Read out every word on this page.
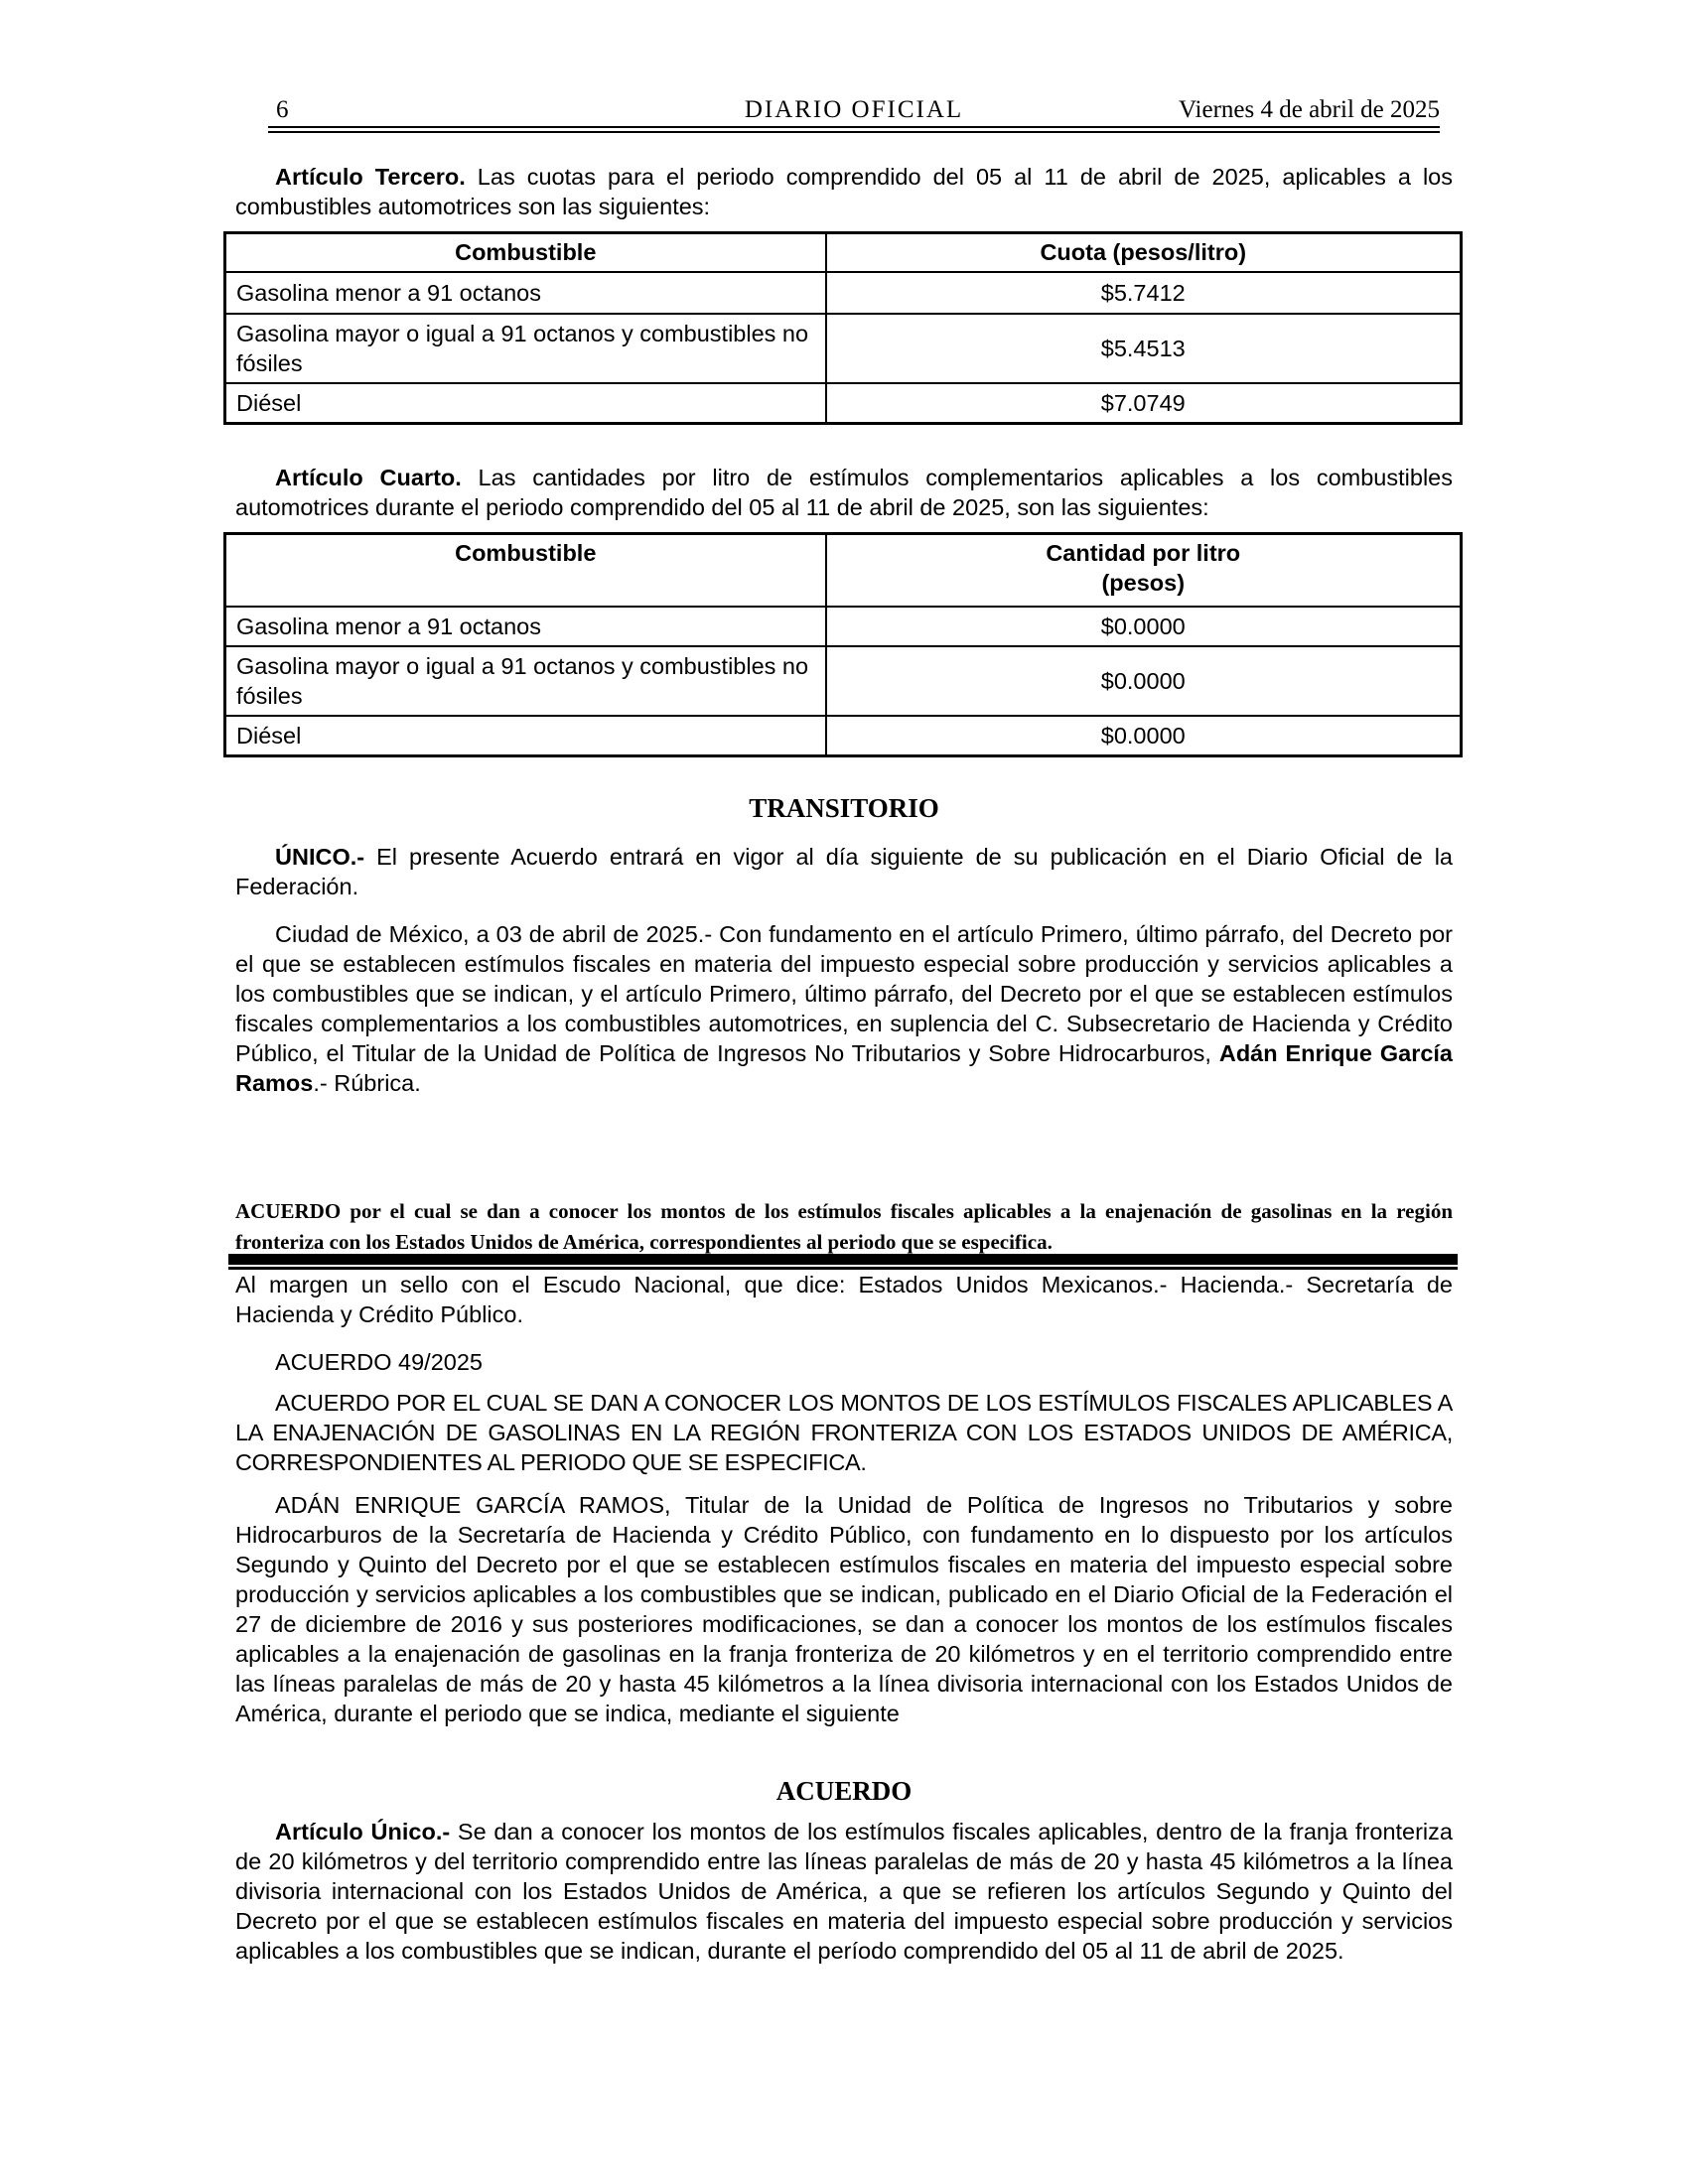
6	DIARIO OFICIAL	Viernes 4 de abril de 2025

Artículo Tercero. Las cuotas para el periodo comprendido del 05 al 11 de abril de 2025, aplicables a los combustibles automotrices son las siguientes:

Combustible	Cuota (pesos/litro)
Gasolina menor a 91 octanos	$5.7412
Gasolina mayor o igual a 91 octanos y combustibles no fósiles	$5.4513
Diésel	$7.0749

Artículo Cuarto. Las cantidades por litro de estímulos complementarios aplicables a los combustibles automotrices durante el periodo comprendido del 05 al 11 de abril de 2025, son las siguientes:

Combustible	Cantidad por litro
(pesos)

Gasolina menor a 91 octanos	$0.0000
Gasolina mayor o igual a 91 octanos y combustibles no fósiles	$0.0000
Diésel	$0.0000
TRANSITORIO

ÚNICO.- El presente Acuerdo entrará en vigor al día siguiente de su publicación en el Diario Oficial de la Federación.

Ciudad de México, a 03 de abril de 2025.- Con fundamento en el artículo Primero, último párrafo, del Decreto por el que se establecen estímulos fiscales en materia del impuesto especial sobre producción y servicios aplicables a los combustibles que se indican, y el artículo Primero, último párrafo, del Decreto por el que se establecen estímulos fiscales complementarios a los combustibles automotrices, en suplencia del C. Subsecretario de Hacienda y Crédito Público, el Titular de la Unidad de Política de Ingresos No Tributarios y Sobre Hidrocarburos, Adán Enrique García Ramos.- Rúbrica.

ACUERDO por el cual se dan a conocer los montos de los estímulos fiscales aplicables a la enajenación de gasolinas en la región fronteriza con los Estados Unidos de América, correspondientes al periodo que se especifica.

Al margen un sello con el Escudo Nacional, que dice: Estados Unidos Mexicanos.- Hacienda.- Secretaría de Hacienda y Crédito Público.

ACUERDO 49/2025

ACUERDO POR EL CUAL SE DAN A CONOCER LOS MONTOS DE LOS ESTÍMULOS FISCALES APLICABLES A LA ENAJENACIÓN DE GASOLINAS EN LA REGIÓN FRONTERIZA CON LOS ESTADOS UNIDOS DE AMÉRICA, CORRESPONDIENTES AL PERIODO QUE SE ESPECIFICA.

ADÁN ENRIQUE GARCÍA RAMOS, Titular de la Unidad de Política de Ingresos no Tributarios y sobre Hidrocarburos de la Secretaría de Hacienda y Crédito Público, con fundamento en lo dispuesto por los artículos Segundo y Quinto del Decreto por el que se establecen estímulos fiscales en materia del impuesto especial sobre producción y servicios aplicables a los combustibles que se indican, publicado en el Diario Oficial de la Federación el 27 de diciembre de 2016 y sus posteriores modificaciones, se dan a conocer los montos de los estímulos fiscales aplicables a la enajenación de gasolinas en la franja fronteriza de 20 kilómetros y en el territorio comprendido entre las líneas paralelas de más de 20 y hasta 45 kilómetros a la línea divisoria internacional con los Estados Unidos de América, durante el periodo que se indica, mediante el siguiente

ACUERDO

Artículo Único.- Se dan a conocer los montos de los estímulos fiscales aplicables, dentro de la franja fronteriza de 20 kilómetros y del territorio comprendido entre las líneas paralelas de más de 20 y hasta 45 kilómetros a la línea divisoria internacional con los Estados Unidos de América, a que se refieren los artículos Segundo y Quinto del Decreto por el que se establecen estímulos fiscales en materia del impuesto especial sobre producción y servicios aplicables a los combustibles que se indican, durante el período comprendido del 05 al 11 de abril de 2025.
